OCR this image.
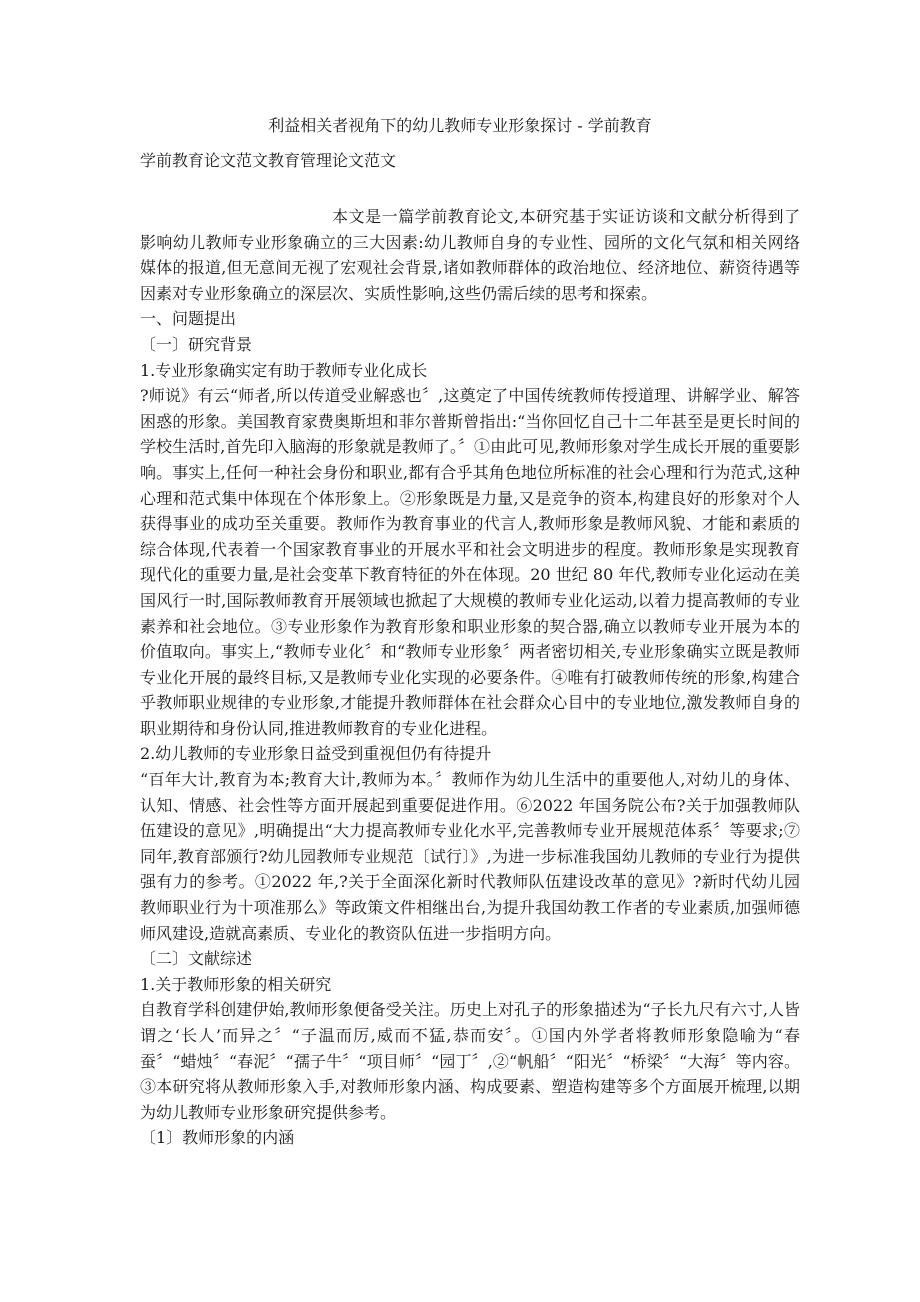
利益相关者视角下的幼儿教师专业形象探讨 - 学前教育
学前教育论文范文教育管理论文范文

本文是一篇学前教育论文,本研究基于实证访谈和文献分析得到了影响幼儿教师专业形象确立的三大因素:幼儿教师自身的专业性、园所的文化气氛和相关网络媒体的报道,但无意间无视了宏观社会背景,诸如教师群体的政治地位、经济地位、薪资待遇等因素对专业形象确立的深层次、实质性影响,这些仍需后续的思考和探索。

一、问题提出

〔一〕研究背景

1.专业形象确实定有助于教师专业化成长

?师说》有云“师者,所以传道受业解惑也〞,这奠定了中国传统教师传授道理、讲解学业、解答困惑的形象。美国教育家费奥斯坦和菲尔普斯曾指出:“当你回忆自己十二年甚至是更长时间的学校生活时,首先印入脑海的形象就是教师了。〞①由此可见,教师形象对学生成长开展的重要影响。事实上,任何一种社会身份和职业,都有合乎其角色地位所标准的社会心理和行为范式,这种心理和范式集中体现在个体形象上。②形象既是力量,又是竞争的资本,构建良好的形象对个人获得事业的成功至关重要。教师作为教育事业的代言人,教师形象是教师风貌、才能和素质的综合体现,代表着一个国家教育事业的开展水平和社会文明进步的程度。教师形象是实现教育现代化的重要力量,是社会变革下教育特征的外在体现。20 世纪 80 年代,教师专业化运动在美国风行一时,国际教师教育开展领域也掀起了大规模的教师专业化运动,以着力提高教师的专业素养和社会地位。③专业形象作为教育形象和职业形象的契合器,确立以教师专业开展为本的价值取向。事实上,“教师专业化〞和“教师专业形象〞两者密切相关,专业形象确实立既是教师专业化开展的最终目标,又是教师专业化实现的必要条件。④唯有打破教师传统的形象,构建合乎教师职业规律的专业形象,才能提升教师群体在社会群众心目中的专业地位,激发教师自身的职业期待和身份认同,推进教师教育的专业化进程。

2.幼儿教师的专业形象日益受到重视但仍有待提升

“百年大计,教育为本;教育大计,教师为本。〞教师作为幼儿生活中的重要他人,对幼儿的身体、认知、情感、社会性等方面开展起到重要促进作用。⑥2022 年国务院公布?关于加强教师队伍建设的意见》,明确提出“大力提高教师专业化水平,完善教师专业开展规范体系〞等要求;⑦同年,教育部颁行?幼儿园教师专业规范〔试行〕》,为进一步标准我国幼儿教师的专业行为提供强有力的参考。①2022 年,?关于全面深化新时代教师队伍建设改革的意见》?新时代幼儿园教师职业行为十项准那么》等政策文件相继出台,为提升我国幼教工作者的专业素质,加强师德师风建设,造就高素质、专业化的教资队伍进一步指明方向。

〔二〕文献综述

1.关于教师形象的相关研究

自教育学科创建伊始,教师形象便备受关注。历史上对孔子的形象描述为“子长九尺有六寸,人皆谓之‘长人’而异之〞“子温而厉,威而不猛,恭而安〞。①国内外学者将教师形象隐喻为“春蚕〞“蜡烛〞“春泥〞“孺子牛〞“项目师〞“园丁〞,②“帆船〞“阳光〞“桥梁〞“大海〞等内容。③本研究将从教师形象入手,对教师形象内涵、构成要素、塑造构建等多个方面展开梳理,以期为幼儿教师专业形象研究提供参考。

〔1〕教师形象的内涵
